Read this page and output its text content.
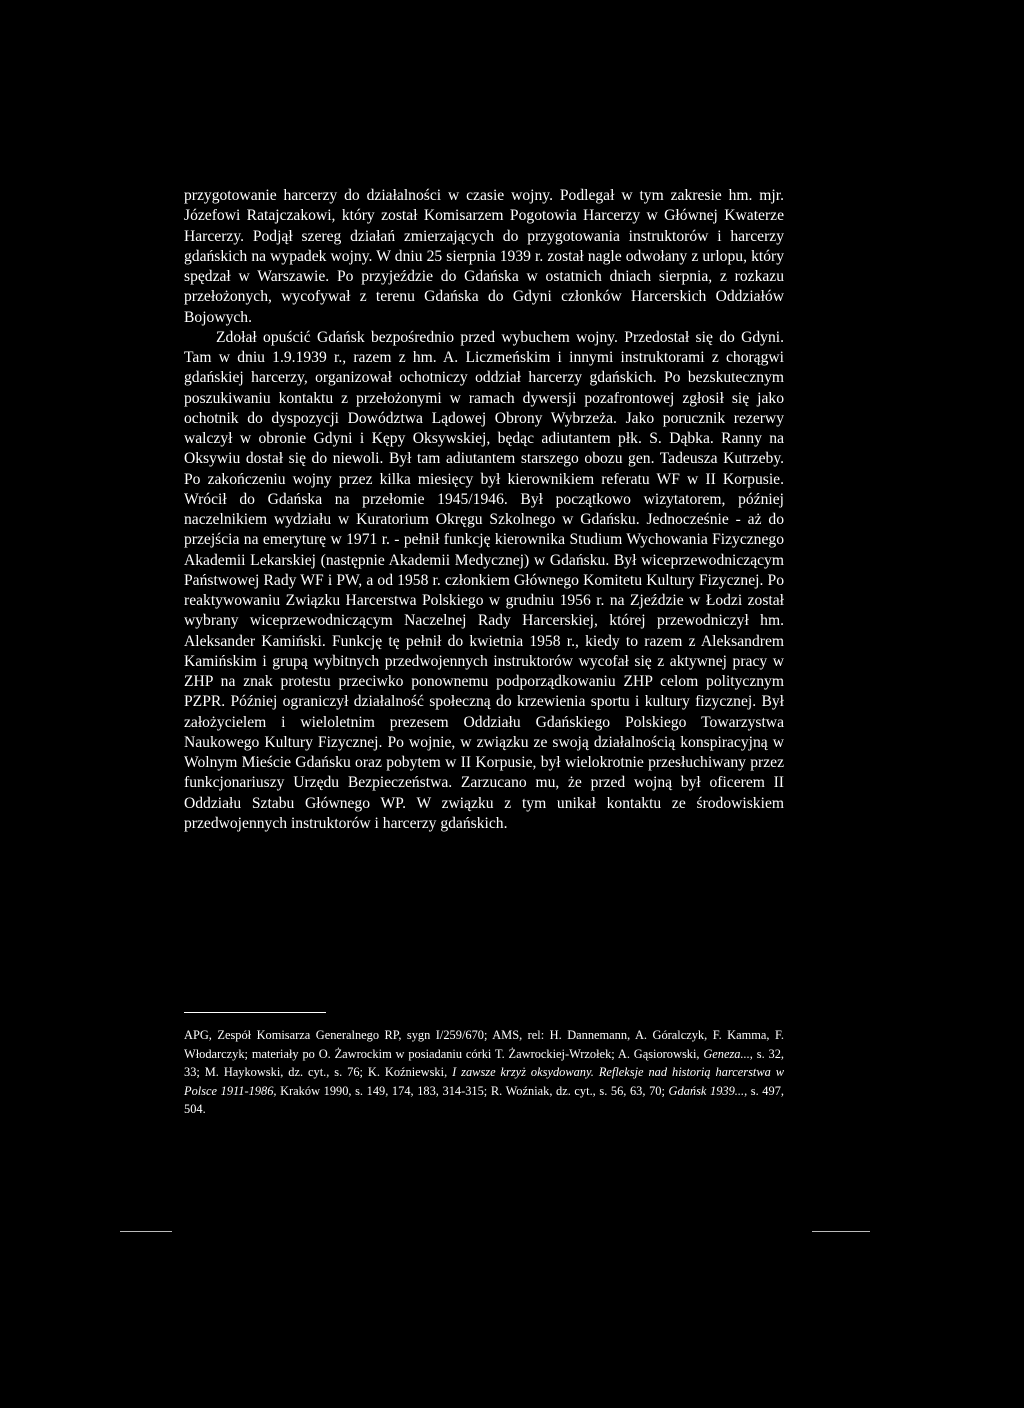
przygotowanie harcerzy do działalności w czasie wojny. Podlegał w tym zakresie hm. mjr. Józefowi Ratajczakowi, który został Komisarzem Pogotowia Harcerzy w Głównej Kwaterze Harcerzy. Podjął szereg działań zmierzających do przygotowania instruktorów i harcerzy gdańskich na wypadek wojny. W dniu 25 sierpnia 1939 r. został nagle odwołany z urlopu, który spędzał w Warszawie. Po przyjeździe do Gdańska w ostatnich dniach sierpnia, z rozkazu przełożonych, wycofywał z terenu Gdańska do Gdyni członków Harcerskich Oddziałów Bojowych.

Zdołał opuścić Gdańsk bezpośrednio przed wybuchem wojny. Przedostał się do Gdyni. Tam w dniu 1.9.1939 r., razem z hm. A. Liczmeńskim i innymi instruktorami z chorągwi gdańskiej harcerzy, organizował ochotniczy oddział harcerzy gdańskich. Po bezskutecznym poszukiwaniu kontaktu z przełożonymi w ramach dywersji pozafrontowej zgłosił się jako ochotnik do dyspozycji Dowództwa Lądowej Obrony Wybrzeża. Jako porucznik rezerwy walczył w obronie Gdyni i Kępy Oksywskiej, będąc adiutantem płk. S. Dąbka. Ranny na Oksywiu dostał się do niewoli. Był tam adiutantem starszego obozu gen. Tadeusza Kutrzeby. Po zakończeniu wojny przez kilka miesięcy był kierownikiem referatu WF w II Korpusie. Wrócił do Gdańska na przełomie 1945/1946. Był początkowo wizytatorem, później naczelnikiem wydziału w Kuratorium Okręgu Szkolnego w Gdańsku. Jednocześnie - aż do przejścia na emeryturę w 1971 r. - pełnił funkcję kierownika Studium Wychowania Fizycznego Akademii Lekarskiej (następnie Akademii Medycznej) w Gdańsku. Był wiceprzewodniczącym Państwowej Rady WF i PW, a od 1958 r. członkiem Głównego Komitetu Kultury Fizycznej. Po reaktywowaniu Związku Harcerstwa Polskiego w grudniu 1956 r. na Zjeździe w Łodzi został wybrany wiceprzewodniczącym Naczelnej Rady Harcerskiej, której przewodniczył hm. Aleksander Kamiński. Funkcję tę pełnił do kwietnia 1958 r., kiedy to razem z Aleksandrem Kamińskim i grupą wybitnych przedwojennych instruktorów wycofał się z aktywnej pracy w ZHP na znak protestu przeciwko ponownemu podporządkowaniu ZHP celom politycznym PZPR. Później ograniczył działalność społeczną do krzewienia sportu i kultury fizycznej. Był założycielem i wieloletnim prezesem Oddziału Gdańskiego Polskiego Towarzystwa Naukowego Kultury Fizycznej. Po wojnie, w związku ze swoją działalnością konspiracyjną w Wolnym Mieście Gdańsku oraz pobytem w II Korpusie, był wielokrotnie przesłuchiwany przez funkcjonariuszy Urzędu Bezpieczeństwa. Zarzucano mu, że przed wojną był oficerem II Oddziału Sztabu Głównego WP. W związku z tym unikał kontaktu ze środowiskiem przedwojennych instruktorów i harcerzy gdańskich.

APG, Zespół Komisarza Generalnego RP, sygn I/259/670; AMS, rel: H. Dannemann, A. Góralczyk, F. Kamma, F. Włodarczyk; materiały po O. Żawrockim w posiadaniu córki T. Żawrockiej-Wrzołek; A. Gąsiorowski, Geneza..., s. 32, 33; M. Haykowski, dz. cyt., s. 76; K. Koźniewski, I zawsze krzyż oksydowany. Refleksje nad historią harcerstwa w Polsce 1911-1986, Kraków 1990, s. 149, 174, 183, 314-315; R. Woźniak, dz. cyt., s. 56, 63, 70; Gdańsk 1939..., s. 497, 504.
